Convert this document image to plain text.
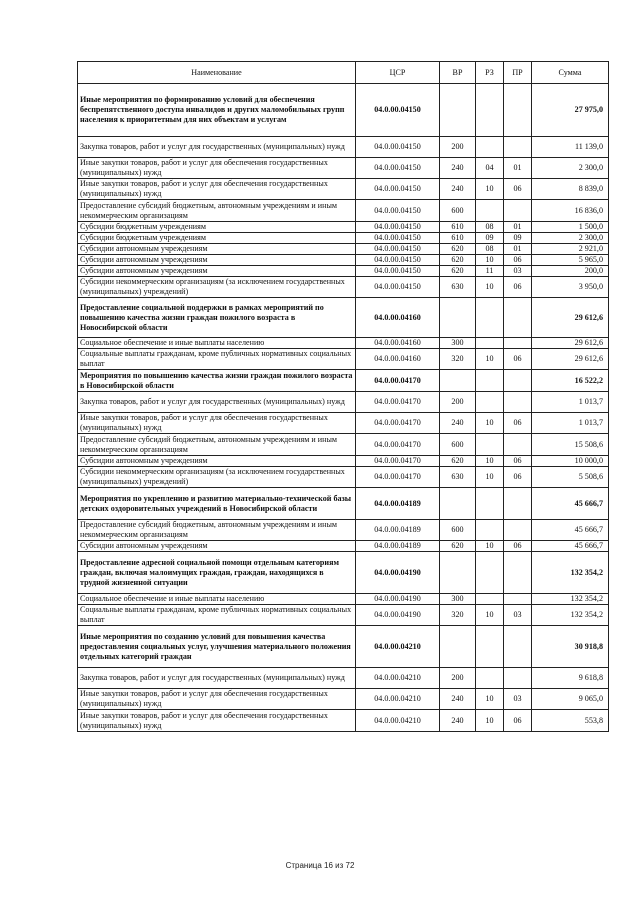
Наименование	ЦСР	ВР	РЗ	ПР	Сумма
Иные мероприятия по формированию условий для обеспечения беспрепятственного доступа инвалидов и других маломобильных групп населения к приоритетным для них объектам и услугам	04.0.00.04150				27 975,0
Закупка товаров, работ и услуг для государственных (муниципальных) нужд	04.0.00.04150	200			11 139,0
Иные закупки товаров, работ и услуг для обеспечения государственных (муниципальных) нужд	04.0.00.04150	240	04	01	2 300,0
Иные закупки товаров, работ и услуг для обеспечения государственных (муниципальных) нужд	04.0.00.04150	240	10	06	8 839,0
Предоставление субсидий бюджетным, автономным учреждениям и иным некоммерческим организациям	04.0.00.04150	600			16 836,0
Субсидии бюджетным учреждениям	04.0.00.04150	610	08	01	1 500,0
Субсидии бюджетным учреждениям	04.0.00.04150	610	09	09	2 300,0
Субсидии автономным учреждениям	04.0.00.04150	620	08	01	2 921,0
Субсидии автономным учреждениям	04.0.00.04150	620	10	06	5 965,0
Субсидии автономным учреждениям	04.0.00.04150	620	11	03	200,0
Субсидии некоммерческим организациям (за исключением государственных (муниципальных) учреждений)	04.0.00.04150	630	10	06	3 950,0
Предоставление социальной поддержки в рамках мероприятий по повышению качества жизни граждан пожилого возраста в Новосибирской области	04.0.00.04160				29 612,6
Социальное обеспечение и иные выплаты населению	04.0.00.04160	300			29 612,6
Социальные выплаты гражданам, кроме публичных нормативных социальных выплат	04.0.00.04160	320	10	06	29 612,6
Мероприятия по повышению качества жизни граждан пожилого возраста в Новосибирской области	04.0.00.04170				16 522,2
Закупка товаров, работ и услуг для государственных (муниципальных) нужд	04.0.00.04170	200			1 013,7
Иные закупки товаров, работ и услуг для обеспечения государственных (муниципальных) нужд	04.0.00.04170	240	10	06	1 013,7
Предоставление субсидий бюджетным, автономным учреждениям и иным некоммерческим организациям	04.0.00.04170	600			15 508,6
Субсидии автономным учреждениям	04.0.00.04170	620	10	06	10 000,0
Субсидии некоммерческим организациям (за исключением государственных (муниципальных) учреждений)	04.0.00.04170	630	10	06	5 508,6
Мероприятия по укреплению и развитию материально-технической базы детских оздоровительных учреждений в Новосибирской области	04.0.00.04189				45 666,7
Предоставление субсидий бюджетным, автономным учреждениям и иным некоммерческим организациям	04.0.00.04189	600			45 666,7
Субсидии автономным учреждениям	04.0.00.04189	620	10	06	45 666,7
Предоставление адресной социальной помощи отдельным категориям граждан, включая малоимущих граждан, граждан, находящихся в трудной жизненной ситуации	04.0.00.04190				132 354,2
Социальное обеспечение и иные выплаты населению	04.0.00.04190	300			132 354,2
Социальные выплаты гражданам, кроме публичных нормативных социальных выплат	04.0.00.04190	320	10	03	132 354,2
Иные мероприятия по созданию условий для повышения качества предоставления социальных услуг, улучшения материального положения отдельных категорий граждан	04.0.00.04210				30 918,8
Закупка товаров, работ и услуг для государственных (муниципальных) нужд	04.0.00.04210	200			9 618,8
Иные закупки товаров, работ и услуг для обеспечения государственных (муниципальных) нужд	04.0.00.04210	240	10	03	9 065,0
Иные закупки товаров, работ и услуг для обеспечения государственных (муниципальных) нужд	04.0.00.04210	240	10	06	553,8
Страница 16 из 72
